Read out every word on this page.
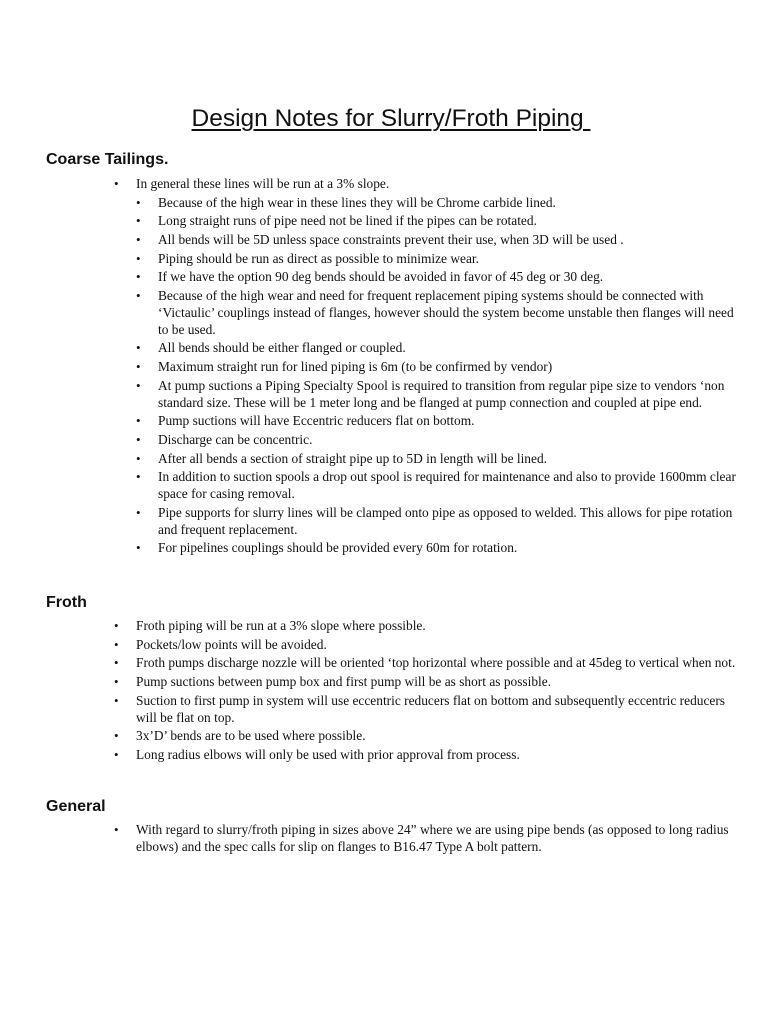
Design Notes for Slurry/Froth Piping
Coarse Tailings.
• In general these lines will be run at a 3% slope.
• Because of the high wear in these lines they will be Chrome carbide lined.
• Long straight runs of pipe need not be lined if the pipes can be rotated.
• All bends will be 5D unless space constraints prevent their use, when 3D will be used .
• Piping should be run as direct as possible to minimize wear.
• If we have the option 90 deg bends should be avoided in favor of 45 deg or 30 deg.
• Because of the high wear and need for frequent replacement piping systems should be connected with ‘Victaulic’ couplings instead of flanges, however should the system become unstable then flanges will need to be used.
• All bends should be either flanged or coupled.
• Maximum straight run for lined piping is 6m (to be confirmed by vendor)
• At pump suctions a Piping Specialty Spool is required to transition from regular pipe size to vendors ‘non standard size. These will be 1 meter long and be flanged at pump connection and coupled at pipe end.
• Pump suctions will have Eccentric reducers flat on bottom.
• Discharge can be concentric.
• After all bends a section of straight pipe up to 5D in length will be lined.
• In addition to suction spools a drop out spool is required for maintenance and also to provide 1600mm clear space for casing removal.
• Pipe supports for slurry lines will be clamped onto pipe as opposed to welded. This allows for pipe rotation and frequent replacement.
• For pipelines couplings should be provided every 60m for rotation.
Froth
• Froth piping will be run at a 3% slope where possible.
• Pockets/low points will be avoided.
• Froth pumps discharge nozzle will be oriented ‘top horizontal where possible and at 45deg to vertical when not.
• Pump suctions between pump box and first pump will be as short as possible.
• Suction to first pump in system will use eccentric reducers flat on bottom and subsequently eccentric reducers will be flat on top.
• 3x’D’ bends are to be used where possible.
• Long radius elbows will only be used with prior approval from process.
General
• With regard to slurry/froth piping in sizes above 24” where we are using pipe bends (as opposed to long radius elbows) and the spec calls for slip on flanges to B16.47 Type A bolt pattern.
